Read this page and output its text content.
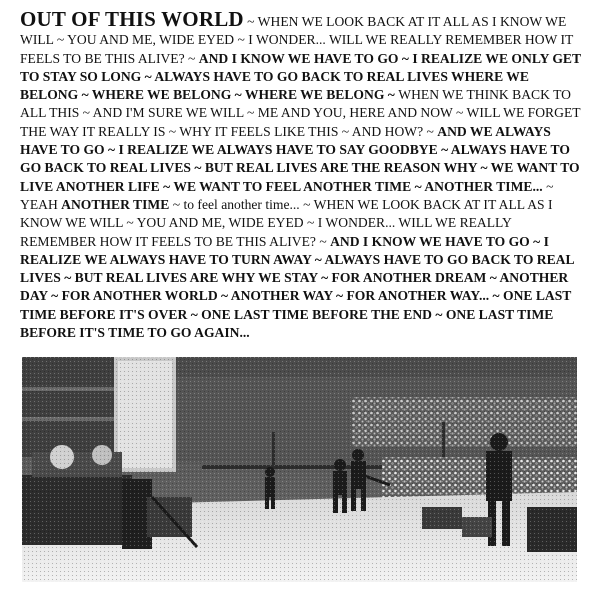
OUT OF THIS WORLD ~ WHEN WE LOOK BACK AT IT ALL AS I KNOW WE WILL ~ YOU AND ME, WIDE EYED ~ I WONDER... WILL WE REALLY REMEMBER HOW IT FEELS TO BE THIS ALIVE? ~ AND I KNOW WE HAVE TO GO ~ I REALIZE WE ONLY GET TO STAY SO LONG ~ ALWAYS HAVE TO GO BACK TO REAL LIVES WHERE WE BELONG ~ WHERE WE BELONG ~ WHERE WE BELONG ~ WHEN WE THINK BACK TO ALL THIS ~ AND I'M SURE WE WILL ~ ME AND YOU, HERE AND NOW ~ WILL WE FORGET THE WAY IT REALLY IS ~ WHY IT FEELS LIKE THIS ~ AND HOW? ~ AND WE ALWAYS HAVE TO GO ~ I REALIZE WE ALWAYS HAVE TO SAY GOODBYE ~ ALWAYS HAVE TO GO BACK TO REAL LIVES ~ BUT REAL LIVES ARE THE REASON WHY ~ WE WANT TO LIVE ANOTHER LIFE ~ WE WANT TO FEEL ANOTHER TIME ~ ANOTHER TIME... ~ YEAH ANOTHER TIME ~ to feel another time... ~ WHEN WE LOOK BACK AT IT ALL AS I KNOW WE WILL ~ YOU AND ME, WIDE EYED ~ I WONDER... WILL WE REALLY REMEMBER HOW IT FEELS TO BE THIS ALIVE? ~ AND I KNOW WE HAVE TO GO ~ I REALIZE WE ALWAYS HAVE TO TURN AWAY ~ ALWAYS HAVE TO GO BACK TO REAL LIVES ~ BUT REAL LIVES ARE WHY WE STAY ~ FOR ANOTHER DREAM ~ ANOTHER DAY ~ FOR ANOTHER WORLD ~ ANOTHER WAY ~ FOR ANOTHER WAY... ~ ONE LAST TIME BEFORE IT'S OVER ~ ONE LAST TIME BEFORE THE END ~ ONE LAST TIME BEFORE IT'S TIME TO GO AGAIN...
